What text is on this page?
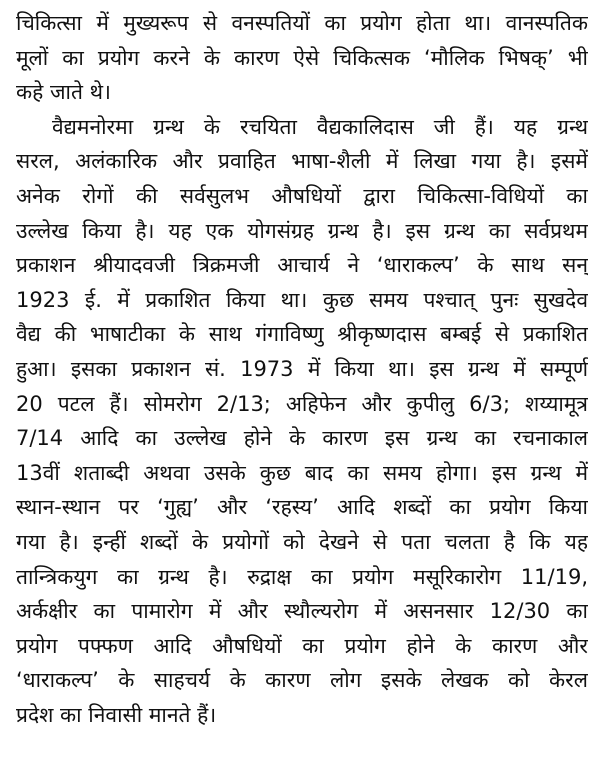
चिकित्सा में मुख्यरूप से वनस्पतियों का प्रयोग होता था। वानस्पतिक
मूलों का प्रयोग करने के कारण ऐसे चिकित्सक ‘मौलिक भिषक्’ भी
कहे जाते थे।
वैद्यमनोरमा ग्रन्थ के रचयिता वैद्यकालिदास जी हैं। यह ग्रन्थ
सरल, अलंकारिक और प्रवाहित भाषा-शैली में लिखा गया है। इसमें
अनेक रोगों की सर्वसुलभ औषधियों द्वारा चिकित्सा-विधियों का
उल्लेख किया है। यह एक योगसंग्रह ग्रन्थ है। इस ग्रन्थ का सर्वप्रथम
प्रकाशन श्रीयादवजी त्रिक्रमजी आचार्य ने ‘धाराकल्प’ के साथ सन्
1923 ई. में प्रकाशित किया था। कुछ समय पश्चात् पुनः सुखदेव
वैद्य की भाषाटीका के साथ गंगाविष्णु श्रीकृष्णदास बम्बई से प्रकाशित
हुआ। इसका प्रकाशन सं. 1973 में किया था। इस ग्रन्थ में सम्पूर्ण
20 पटल हैं। सोमरोग 2/13; अहिफेन और कुपीलु 6/3; शय्यामूत्र
7/14 आदि का उल्लेख होने के कारण इस ग्रन्थ का रचनाकाल
13वीं शताब्दी अथवा उसके कुछ बाद का समय होगा। इस ग्रन्थ में
स्थान-स्थान पर ‘गुह्य’ और ‘रहस्य’ आदि शब्दों का प्रयोग किया
गया है। इन्हीं शब्दों के प्रयोगों को देखने से पता चलता है कि यह
तान्त्रिकयुग का ग्रन्थ है। रुद्राक्ष का प्रयोग मसूरिकारोग 11/19,
अर्कक्षीर का पामारोग में और स्थौल्यरोग में असनसार 12/30 का
प्रयोग पफ्फण आदि औषधियों का प्रयोग होने के कारण और
‘धाराकल्प’ के साहचर्य के कारण लोग इसके लेखक को केरल
प्रदेश का निवासी मानते हैं।
